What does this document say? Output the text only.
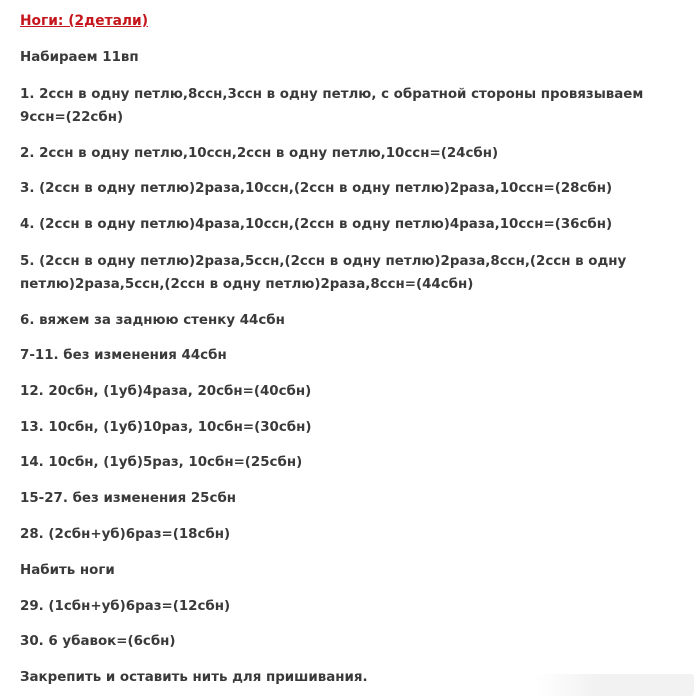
Ноги: (2детали)
Набираем 11вп
1. 2ссн в одну петлю,8ссн,3ссн в одну петлю, с обратной стороны провязываем
9ссн=(22сбн)
2. 2ссн в одну петлю,10ссн,2ссн в одну петлю,10ссн=(24сбн)
3. (2ссн в одну петлю)2раза,10ссн,(2ссн в одну петлю)2раза,10ссн=(28сбн)
4. (2ссн в одну петлю)4раза,10ссн,(2ссн в одну петлю)4раза,10ссн=(36сбн)
5. (2ссн в одну петлю)2раза,5ссн,(2ссн в одну петлю)2раза,8ссн,(2ссн в одну
петлю)2раза,5ссн,(2ссн в одну петлю)2раза,8ссн=(44сбн)
6. вяжем за заднюю стенку 44сбн
7-11. без изменения 44сбн
12. 20сбн, (1уб)4раза, 20сбн=(40сбн)
13. 10сбн, (1уб)10раз, 10сбн=(30сбн)
14. 10сбн, (1уб)5раз, 10сбн=(25сбн)
15-27. без изменения 25сбн
28. (2сбн+уб)6раз=(18сбн)
Набить ноги
29. (1сбн+уб)6раз=(12сбн)
30. 6 убавок=(6сбн)
Закрепить и оставить нить для пришивания.
